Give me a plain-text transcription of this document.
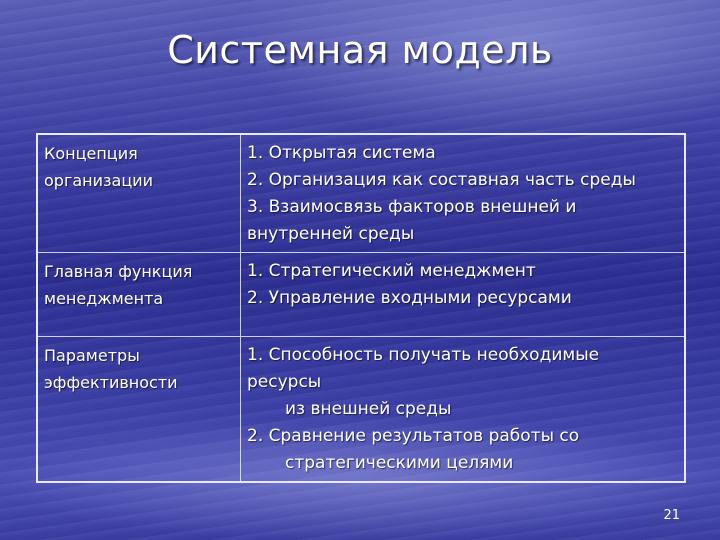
Системная модель
Концепция организации	1. Открытая система
2. Организация как составная часть среды
3. Взаимосвязь факторов внешней и
внутренней среды

Главная функция менеджмента	1. Стратегический менеджмент
2. Управление входными ресурсами

Параметры эффективности	1. Способность получать необходимые ресурсы
из внешней среды
2. Сравнение результатов работы со
стратегическими целями
21
